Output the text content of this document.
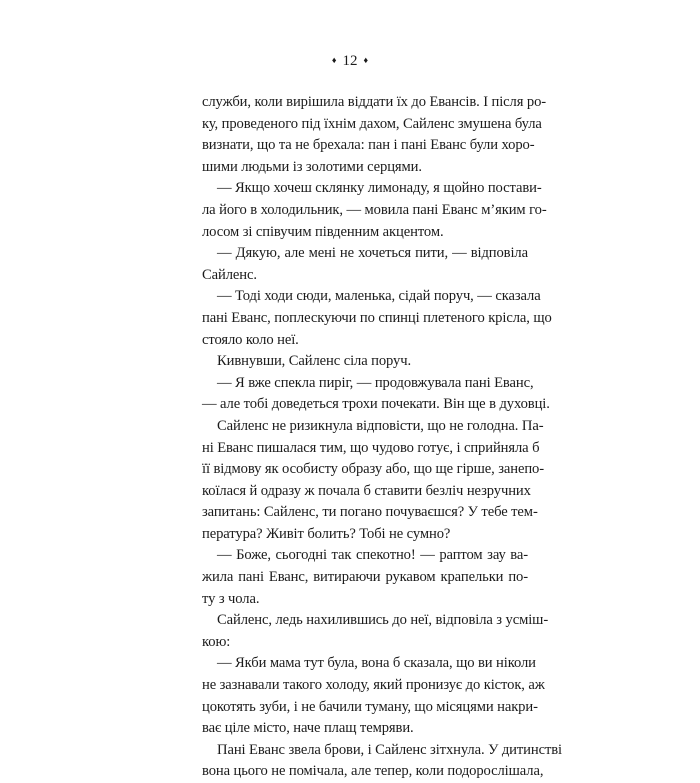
♦ 12 ♦
служби, коли вирішила віддати їх до Евансів. І після ро-
ку, проведеного під їхнім дахом, Сайленс змушена була
визнати, що та не брехала: пан і пані Еванс були хоро-
шими людьми із золотими серцями.
— Якщо хочеш склянку лимонаду, я щойно постави-
ла його в холодильник, — мовила пані Еванс м’яким го-
лосом зі співучим південним акцентом.
— Дякую, але мені не хочеться пити, — відповіла
Сайленс.
— Тоді ходи сюди, маленька, сідай поруч, — сказала
пані Еванс, поплескуючи по спинці плетеного крісла, що
стояло коло неї.
Кивнувши, Сайленс сіла поруч.
— Я вже спекла пиріг, — продовжувала пані Еванс,
— але тобі доведеться трохи почекати. Він ще в духовці.
Сайленс не ризикнула відповісти, що не голодна. Па-
ні Еванс пишалася тим, що чудово готує, і сприйняла б
її відмову як особисту образу або, що ще гірше, занепо-
коїлася й одразу ж почала б ставити безліч незручних
запитань: Сайленс, ти погано почуваєшся? У тебе тем-
пература? Живіт болить? Тобі не сумно?
— Боже, сьогодні так спекотно! — раптом зау ва-
жила пані Еванс, витираючи рукавом крапельки по-
ту з чола.
Сайленс, ледь нахилившись до неї, відповіла з усміш-
кою:
— Якби мама тут була, вона б сказала, що ви ніколи
не зазнавали такого холоду, який пронизує до кісток, аж
цокотять зуби, і не бачили туману, що місяцями накри-
ває ціле місто, наче плащ темряви.
Пані Еванс звела брови, і Сайленс зітхнула. У дитинстві
вона цього не помічала, але тепер, коли подорослішала,
